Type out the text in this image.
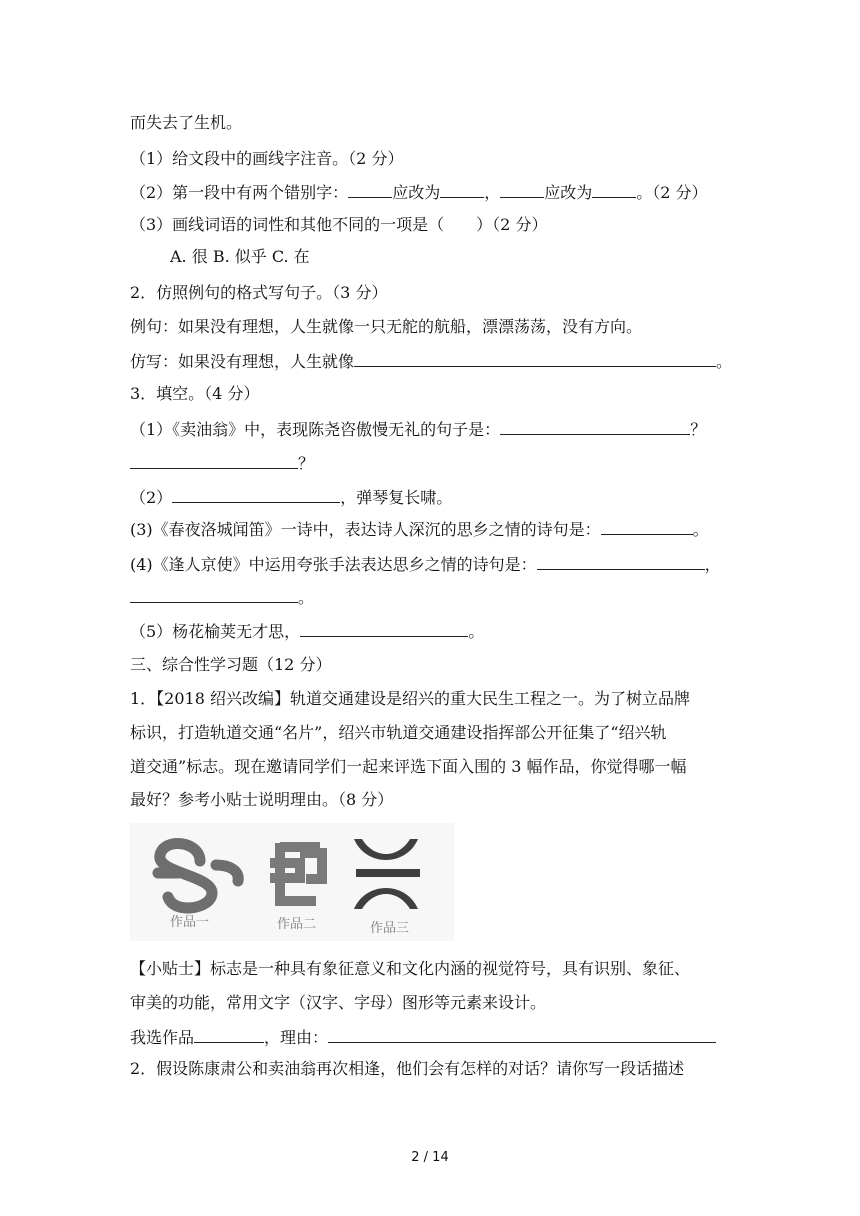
而失去了生机。
（1）给文段中的画线字注音。（2 分）
（2）第一段中有两个错别字：	应改为	，	应改为	。（2 分）
（3）画线词语的词性和其他不同的一项是（　　）（2 分）
A. 很 B. 似乎 C. 在
2．仿照例句的格式写句子。（3 分）
例句：如果没有理想，人生就像一只无舵的航船，漂漂荡荡，没有方向。
仿写：如果没有理想，人生就像	。
3．填空。（4 分）
（1）《卖油翁》中，表现陈尧咨傲慢无礼的句子是：	？
？
（2）	，弹琴复长啸。
(3)《春夜洛城闻笛》一诗中，表达诗人深沉的思乡之情的诗句是：	。
(4)《逢人京使》中运用夸张手法表达思乡之情的诗句是：	，
。
（5）杨花榆荚无才思，	。
三、综合性学习题（12 分）
1．【2018 绍兴改编】轨道交通建设是绍兴的重大民生工程之一。为了树立品牌
标识，打造轨道交通“名片”，绍兴市轨道交通建设指挥部公开征集了“绍兴轨
道交通”标志。现在邀请同学们一起来评选下面入围的 3 幅作品，你觉得哪一幅
最好？参考小贴士说明理由。（8 分）
作品一	作品二	作品三
【小贴士】标志是一种具有象征意义和文化内涵的视觉符号，具有识别、象征、
审美的功能，常用文字（汉字、字母）图形等元素来设计。
我选作品	，理由：
2．假设陈康肃公和卖油翁再次相逢，他们会有怎样的对话？请你写一段话描述
2 / 14
